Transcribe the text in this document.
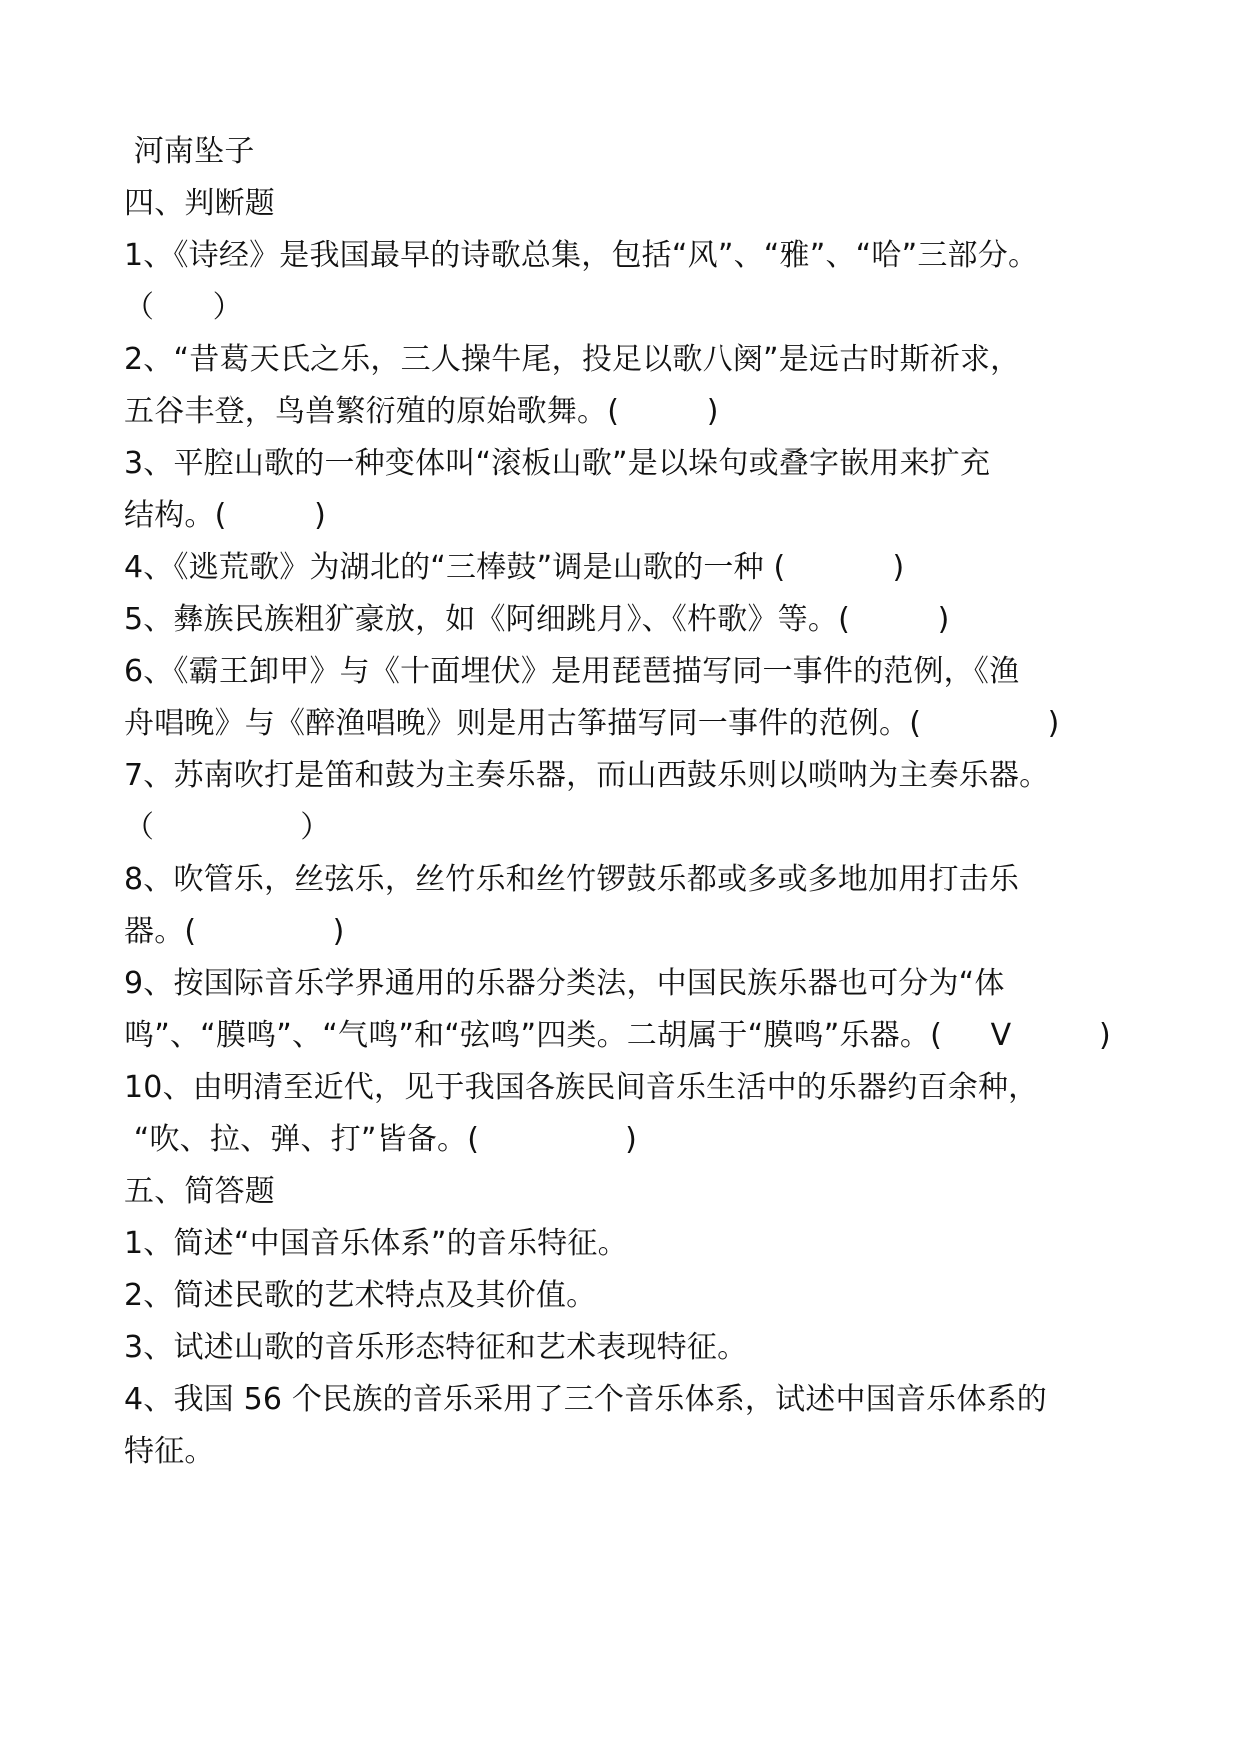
河南坠子
四、判断题
1、《诗经》是我国最早的诗歌总集，包括“风”、“雅”、“哈”三部分。
（      ）
2、“昔葛天氏之乐，三人操牛尾，投足以歌八阕”是远古时斯祈求，
五谷丰登，鸟兽繁衍殖的原始歌舞。(         )
3、平腔山歌的一种变体叫“滚板山歌”是以垛句或叠字嵌用来扩充
结构。(         )
4、《逃荒歌》为湖北的“三棒鼓”调是山歌的一种 (           )
5、彝族民族粗犷豪放，如《阿细跳月》、《杵歌》等。(         )
6、《霸王卸甲》与《十面埋伏》是用琵琶描写同一事件的范例，《渔
舟唱晚》与《醉渔唱晚》则是用古筝描写同一事件的范例。(             )
7、苏南吹打是笛和鼓为主奏乐器，而山西鼓乐则以唢呐为主奏乐器。
（               ）
8、吹管乐，丝弦乐，丝竹乐和丝竹锣鼓乐都或多或多地加用打击乐
器。(              )
9、按国际音乐学界通用的乐器分类法，中国民族乐器也可分为“体
鸣”、“膜鸣”、“气鸣”和“弦鸣”四类。二胡属于“膜鸣”乐器。(     V         )
10、由明清至近代，见于我国各族民间音乐生活中的乐器约百余种，
“吹、拉、弹、打”皆备。(               )
五、简答题
1、简述“中国音乐体系”的音乐特征。
2、简述民歌的艺术特点及其价值。
3、试述山歌的音乐形态特征和艺术表现特征。
4、我国 56 个民族的音乐采用了三个音乐体系，试述中国音乐体系的
特征。
